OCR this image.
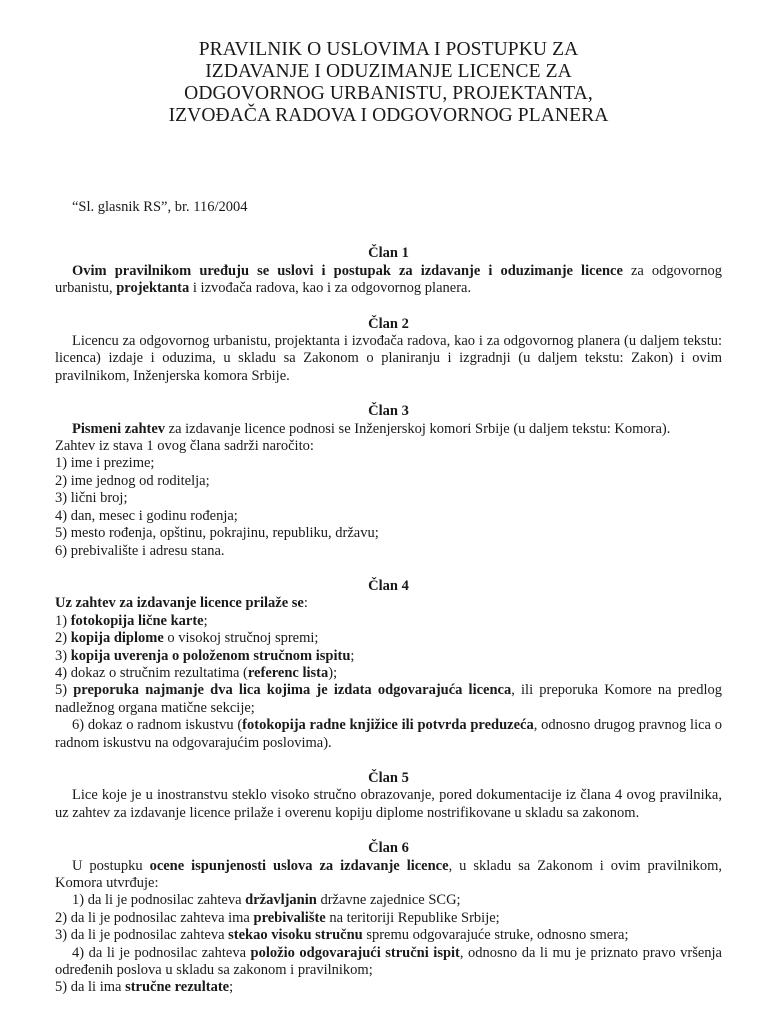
PRAVILNIK O USLOVIMA I POSTUPKU ZA
IZDAVANJE I ODUZIMANJE LICENCE ZA
ODGOVORNOG URBANISTU, PROJEKTANTA,
IZVOĐAČA RADOVA I ODGOVORNOG PLANERA
“Sl. glasnik RS”, br. 116/2004

Član 1

Ovim pravilnikom uređuju se uslovi i postupak za izdavanje i oduzimanje licence za odgovornog urbanistu, projektanta i izvođača radova, kao i za odgovornog planera.

Član 2

Licencu za odgovornog urbanistu, projektanta i izvođača radova, kao i za odgovornog planera (u daljem tekstu: licenca) izdaje i oduzima, u skladu sa Zakonom o planiranju i izgradnji (u daljem tekstu: Zakon) i ovim pravilnikom, Inženjerska komora Srbije.

Član 3

Pismeni zahtev za izdavanje licence podnosi se Inženjerskoj komori Srbije (u daljem tekstu: Komora).

Zahtev iz stava 1 ovog člana sadrži naročito:

1) ime i prezime;

2) ime jednog od roditelja;

3) lični broj;

4) dan, mesec i godinu rođenja;

5) mesto rođenja, opštinu, pokrajinu, republiku, državu;

6) prebivalište i adresu stana.

Član 4

Uz zahtev za izdavanje licence prilaže se:

1) fotokopija lične karte;

2) kopija diplome o visokoj stručnoj spremi;

3) kopija uverenja o položenom stručnom ispitu;

4) dokaz o stručnim rezultatima (referenc lista);

5) preporuka najmanje dva lica kojima je izdata odgovarajuća licenca, ili preporuka Komore na predlog nadležnog organa matične sekcije;

6) dokaz o radnom iskustvu (fotokopija radne knjižice ili potvrda preduzeća, odnosno drugog pravnog lica o radnom iskustvu na odgovarajućim poslovima).

Član 5

Lice koje je u inostranstvu steklo visoko stručno obrazovanje, pored dokumentacije iz člana 4 ovog pravilnika, uz zahtev za izdavanje licence prilaže i overenu kopiju diplome nostrifikovane u skladu sa zakonom.

Član 6

U postupku ocene ispunjenosti uslova za izdavanje licence, u skladu sa Zakonom i ovim pravilnikom, Komora utvrđuje:

1) da li je podnosilac zahteva državljanin državne zajednice SCG;

2) da li je podnosilac zahteva ima prebivalište na teritoriji Republike Srbije;

3) da li je podnosilac zahteva stekao visoku stručnu spremu odgovarajuće struke, odnosno smera;

4) da li je podnosilac zahteva položio odgovarajući stručni ispit, odnosno da li mu je priznato pravo vršenja određenih poslova u skladu sa zakonom i pravilnikom;

5) da li ima stručne rezultate;
